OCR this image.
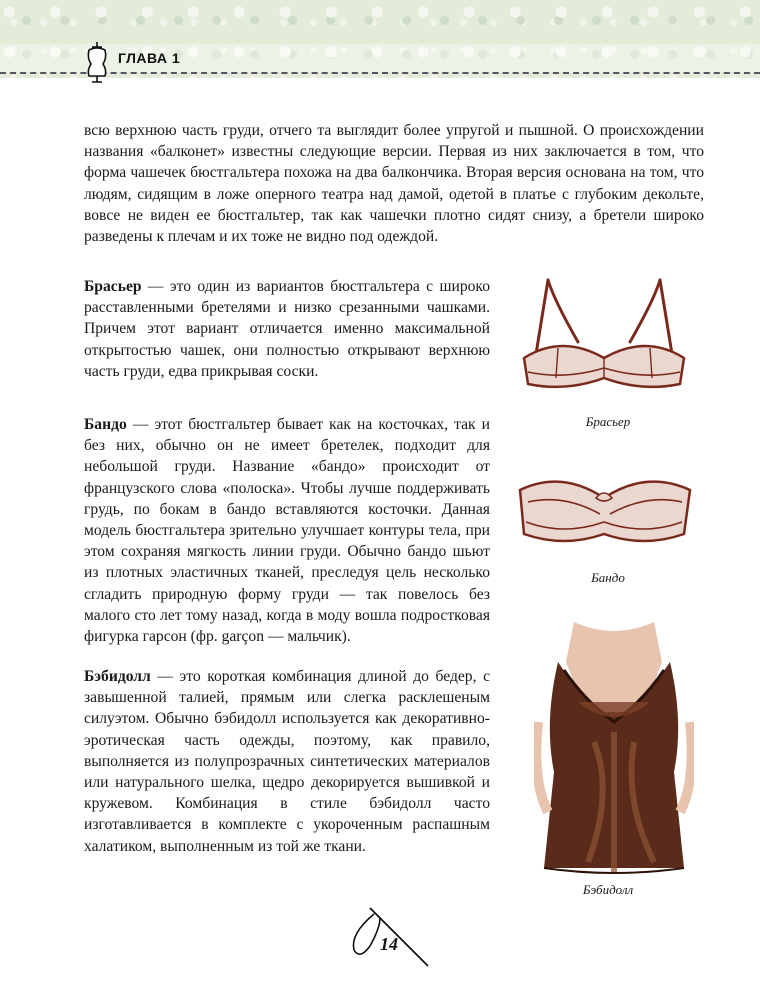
ГЛАВА 1

всю верхнюю часть груди, отчего та выглядит более упругой и пышной. О происхождении названия «балконет» известны следующие версии. Первая из них заключается в том, что форма чашечек бюстгальтера похожа на два балкончика. Вторая версия основана на том, что людям, сидящим в ложе оперного театра над дамой, одетой в платье с глубоким декольте, вовсе не виден ее бюстгальтер, так как чашечки плотно сидят снизу, а бретели широко разведены к плечам и их тоже не видно под одеждой.

Брасьер — это один из вариантов бюстгальтера с широко расставленными бретелями и низко срезанными чашками. Причем этот вариант отличается именно максимальной открытостью чашек, они полностью открывают верхнюю часть груди, едва прикрывая соски.

Бандо — этот бюстгальтер бывает как на косточках, так и без них, обычно он не имеет бретелек, подходит для небольшой груди. Название «бандо» происходит от французского слова «полоска». Чтобы лучше поддерживать грудь, по бокам в бандо вставляются косточки. Данная модель бюстгальтера зрительно улучшает контуры тела, при этом сохраняя мягкость линии груди. Обычно бандо шьют из плотных эластичных тканей, преследуя цель несколько сгладить природную форму груди — так повелось без малого сто лет тому назад, когда в моду вошла подростковая фигурка гарсон (фр. garçon — мальчик).

Бэбидолл — это короткая комбинация длиной до бедер, с завышенной талией, прямым или слегка расклешеным силуэтом. Обычно бэбидолл используется как декоративно-эротическая часть одежды, поэтому, как правило, выполняется из полупрозрачных синтетических материалов или натурального шелка, щедро декорируется вышивкой и кружевом. Комбинация в стиле бэбидолл часто изготавливается в комплекте с укороченным распашным халатиком, выполненным из той же ткани.

Брасьер
Бандо
Бэбидолл
14
